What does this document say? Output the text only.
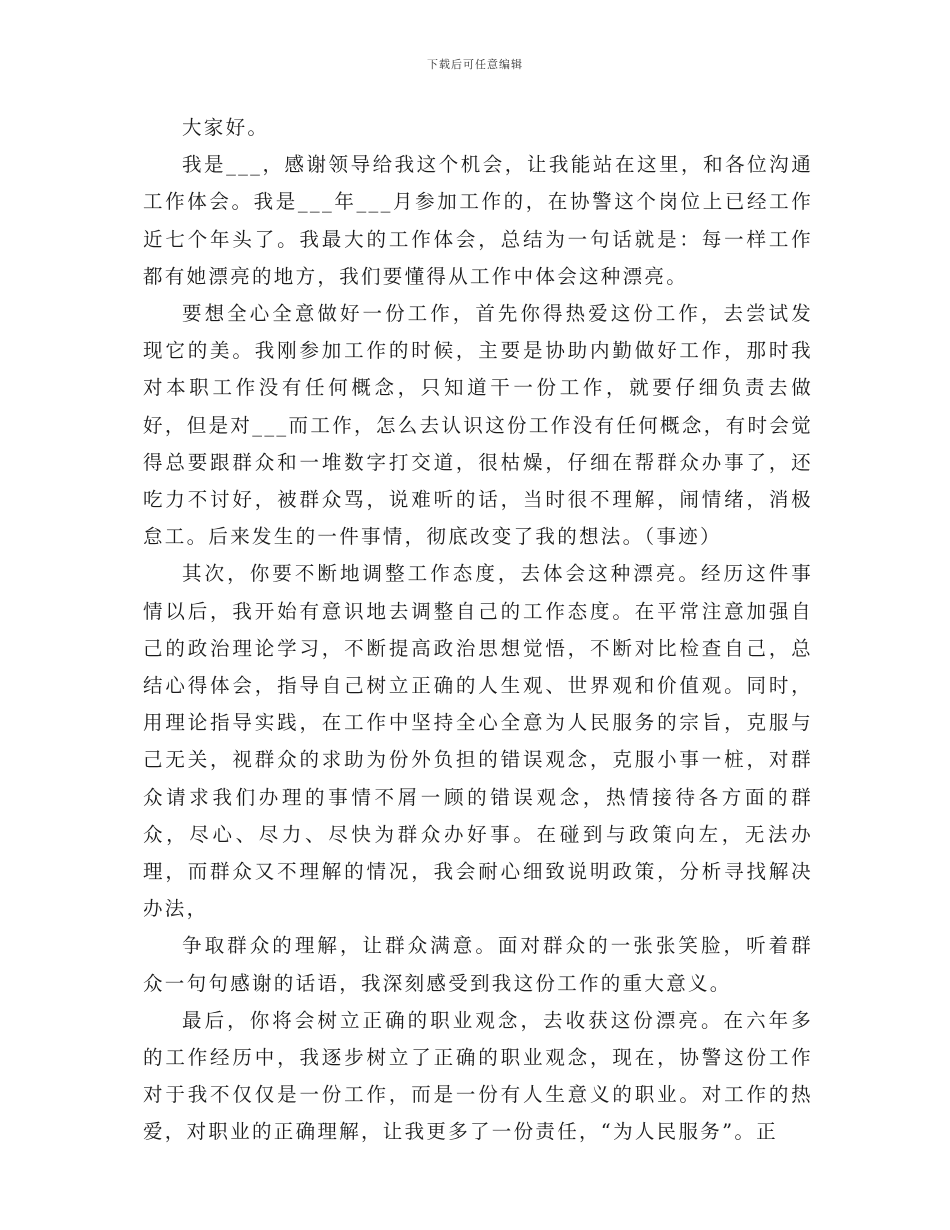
下载后可任意编辑

大家好。

我是___，感谢领导给我这个机会，让我能站在这里，和各位沟通工作体会。我是___年___月参加工作的，在协警这个岗位上已经工作近七个年头了。我最大的工作体会，总结为一句话就是：每一样工作都有她漂亮的地方，我们要懂得从工作中体会这种漂亮。

要想全心全意做好一份工作，首先你得热爱这份工作，去尝试发现它的美。我刚参加工作的时候，主要是协助内勤做好工作，那时我对本职工作没有任何概念，只知道干一份工作，就要仔细负责去做好，但是对___而工作，怎么去认识这份工作没有任何概念，有时会觉得总要跟群众和一堆数字打交道，很枯燥，仔细在帮群众办事了，还吃力不讨好，被群众骂，说难听的话，当时很不理解，闹情绪，消极怠工。后来发生的一件事情，彻底改变了我的想法。（事迹）

其次，你要不断地调整工作态度，去体会这种漂亮。经历这件事情以后，我开始有意识地去调整自己的工作态度。在平常注意加强自己的政治理论学习，不断提高政治思想觉悟，不断对比检查自己，总结心得体会，指导自己树立正确的人生观、世界观和价值观。同时，用理论指导实践，在工作中坚持全心全意为人民服务的宗旨，克服与己无关，视群众的求助为份外负担的错误观念，克服小事一桩，对群众请求我们办理的事情不屑一顾的错误观念，热情接待各方面的群众，尽心、尽力、尽快为群众办好事。在碰到与政策向左，无法办理，而群众又不理解的情况，我会耐心细致说明政策，分析寻找解决办法，

争取群众的理解，让群众满意。面对群众的一张张笑脸，听着群众一句句感谢的话语，我深刻感受到我这份工作的重大意义。

最后，你将会树立正确的职业观念，去收获这份漂亮。在六年多的工作经历中，我逐步树立了正确的职业观念，现在，协警这份工作对于我不仅仅是一份工作，而是一份有人生意义的职业。对工作的热爱，对职业的正确理解，让我更多了一份责任，“为人民服务”。正
